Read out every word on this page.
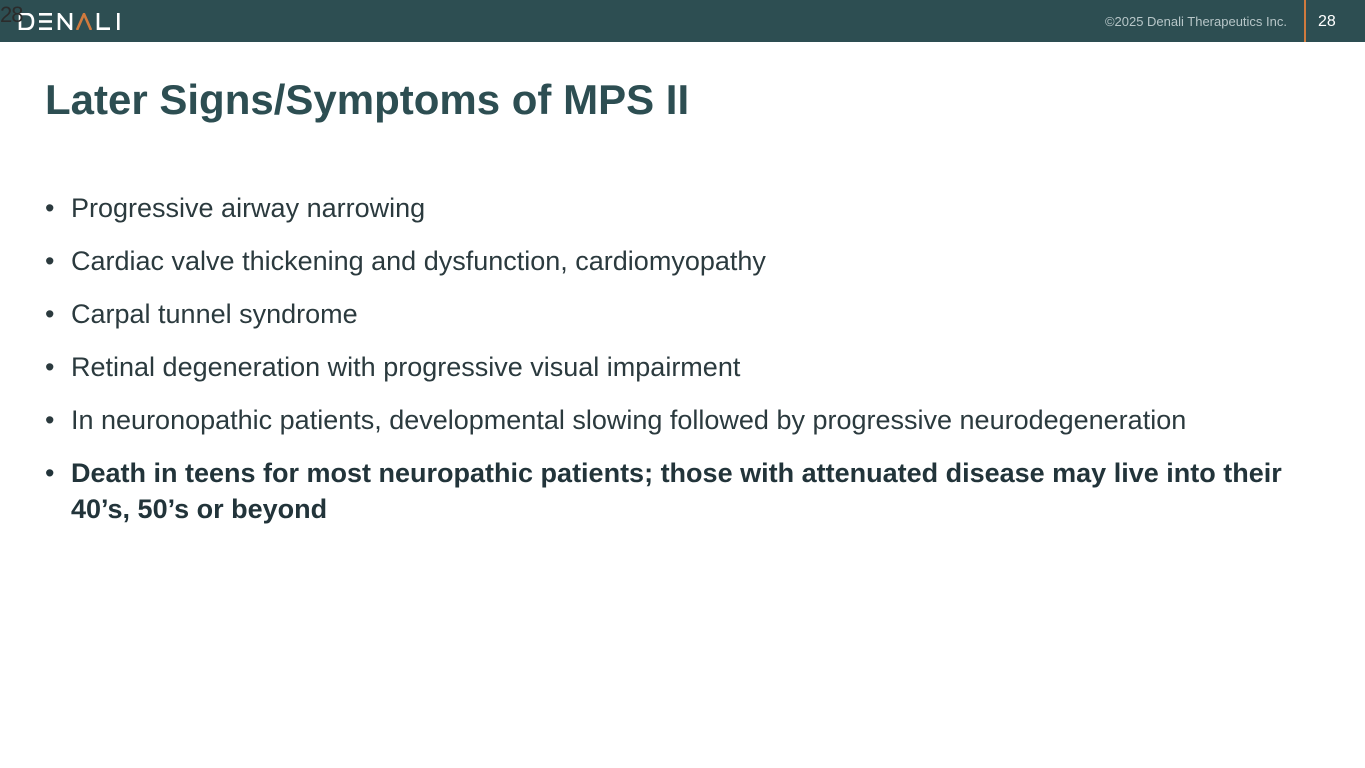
28	©2025 Denali Therapeutics Inc. 28
Later Signs/Symptoms of MPS II
• Progressive airway narrowing
• Cardiac valve thickening and dysfunction, cardiomyopathy
• Carpal tunnel syndrome
• Retinal degeneration with progressive visual impairment
• In neuronopathic patients, developmental slowing followed by progressive neurodegeneration
• Death in teens for most neuropathic patients; those with attenuated disease may live into their 40’s, 50’s or beyond
